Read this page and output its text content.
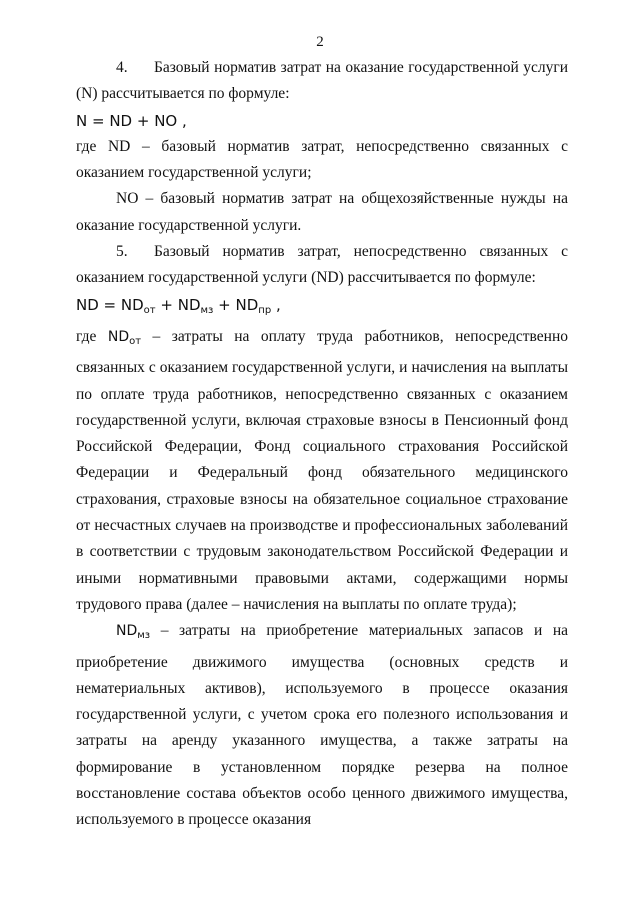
2

4. Базовый норматив затрат на оказание государственной услуги (N) рассчитывается по формуле:

N = ND + NO ,

где ND – базовый норматив затрат, непосредственно связанных с оказанием государственной услуги;

NO – базовый норматив затрат на общехозяйственные нужды на оказание государственной услуги.

5. Базовый норматив затрат, непосредственно связанных с оказанием государственной услуги (ND) рассчитывается по формуле:

ND = $ND_{от} + ND_{мз} + ND_{пр}$ ,

где $ND_{от}$ – затраты на оплату труда работников, непосредственно связанных с оказанием государственной услуги, и начисления на выплаты по оплате труда работников, непосредственно связанных с оказанием государственной услуги, включая страховые взносы в Пенсионный фонд Российской Федерации, Фонд социального страхования Российской Федерации и Федеральный фонд обязательного медицинского страхования, страховые взносы на обязательное социальное страхование от несчастных случаев на производстве и профессиональных заболеваний в соответствии с трудовым законодательством Российской Федерации и иными нормативными правовыми актами, содержащими нормы трудового права (далее – начисления на выплаты по оплате труда);

$ND_{мз}$ – затраты на приобретение материальных запасов и на приобретение движимого имущества (основных средств и нематериальных активов), используемого в процессе оказания государственной услуги, с учетом срока его полезного использования и затраты на аренду указанного имущества, а также затраты на формирование в установленном порядке резерва на полное восстановление состава объектов особо ценного движимого имущества, используемого в процессе оказания
